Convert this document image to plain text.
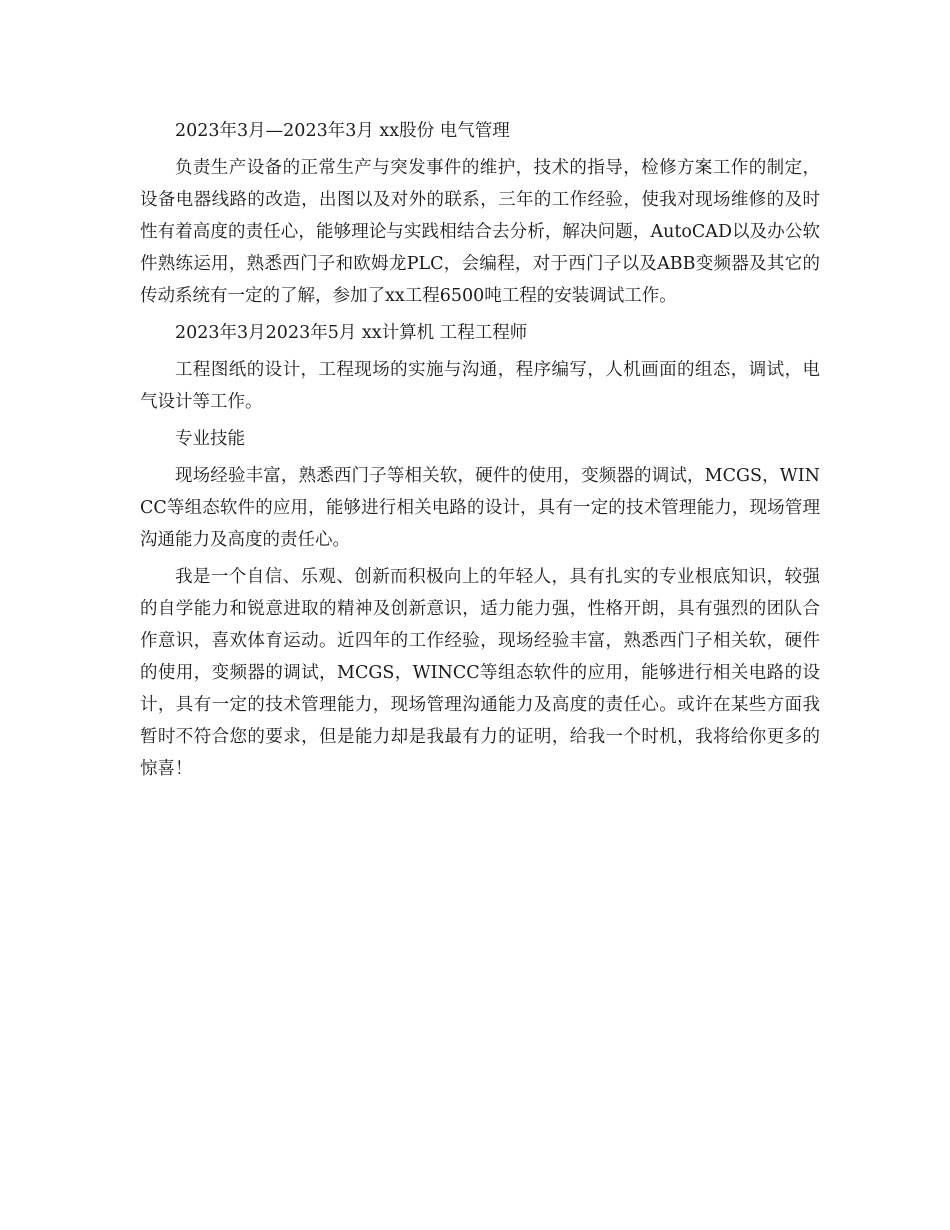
2023年3月—2023年3月 xx股份 电气管理

负责生产设备的正常生产与突发事件的维护，技术的指导，检修方案工作的制定，设备电器线路的改造，出图以及对外的联系，三年的工作经验，使我对现场维修的及时性有着高度的责任心，能够理论与实践相结合去分析，解决问题，AutoCAD以及办公软件熟练运用，熟悉西门子和欧姆龙PLC，会编程，对于西门子以及ABB变频器及其它的传动系统有一定的了解，参加了xx工程6500吨工程的安装调试工作。

2023年3月2023年5月 xx计算机 工程工程师

工程图纸的设计，工程现场的实施与沟通，程序编写，人机画面的组态，调试，电气设计等工作。

专业技能

现场经验丰富，熟悉西门子等相关软，硬件的使用，变频器的调试，MCGS，WINCC等组态软件的应用，能够进行相关电路的设计，具有一定的技术管理能力，现场管理沟通能力及高度的责任心。

我是一个自信、乐观、创新而积极向上的年轻人，具有扎实的专业根底知识，较强的自学能力和锐意进取的精神及创新意识，适力能力强，性格开朗，具有强烈的团队合作意识，喜欢体育运动。近四年的工作经验，现场经验丰富，熟悉西门子相关软，硬件的使用，变频器的调试，MCGS，WINCC等组态软件的应用，能够进行相关电路的设计，具有一定的技术管理能力，现场管理沟通能力及高度的责任心。或许在某些方面我暂时不符合您的要求，但是能力却是我最有力的证明，给我一个时机，我将给你更多的惊喜！
